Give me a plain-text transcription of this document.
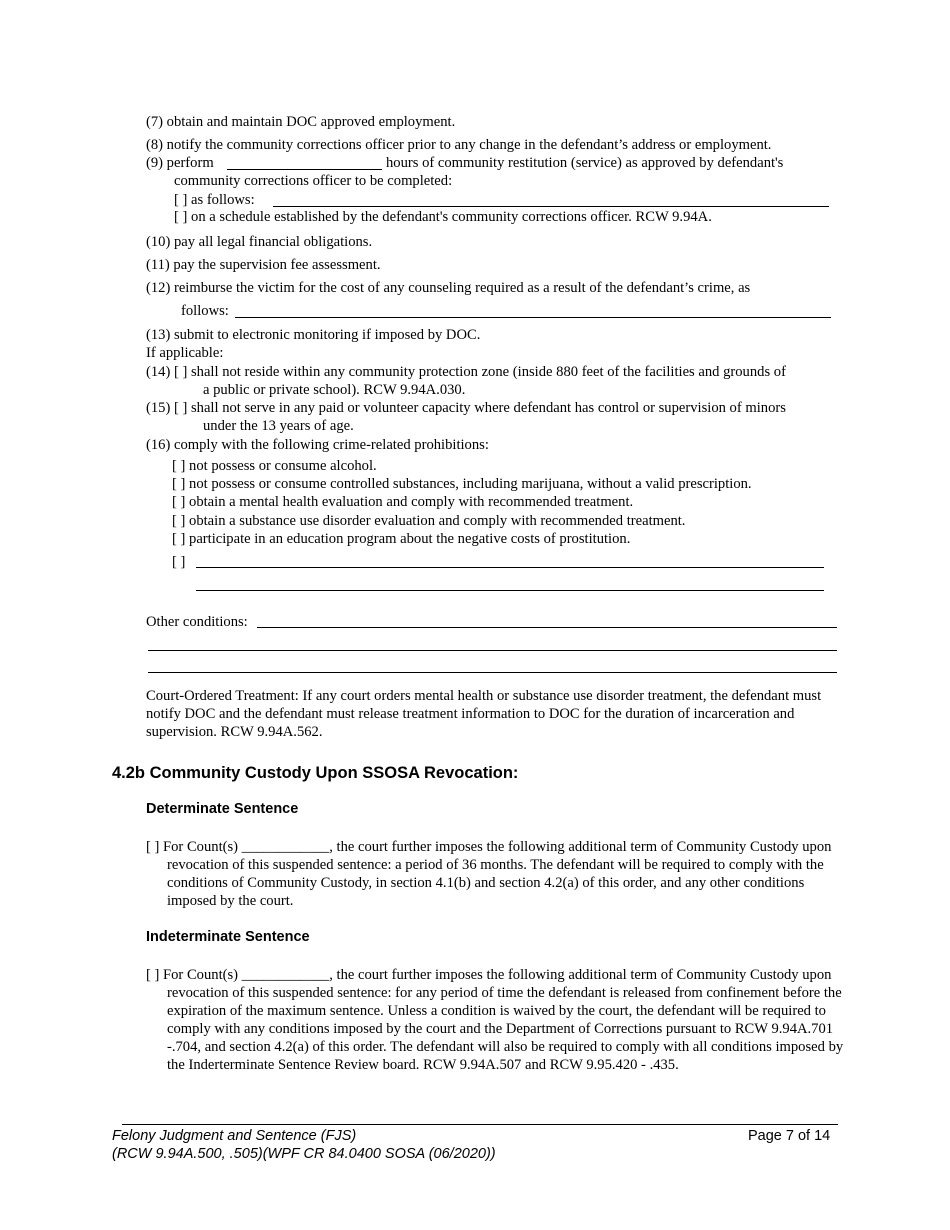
(7) obtain and maintain DOC approved employment.
(8) notify the community corrections officer prior to any change in the defendant’s address or employment.
(9) perform	hours of community restitution (service) as approved by defendant's
community corrections officer to be completed:
[ ] as follows:
[ ] on a schedule established by the defendant's community corrections officer. RCW 9.94A.
(10) pay all legal financial obligations.
(11) pay the supervision fee assessment.
(12) reimburse the victim for the cost of any counseling required as a result of the defendant’s crime, as
follows:
(13) submit to electronic monitoring if imposed by DOC.
If applicable:
(14) [ ] shall not reside within any community protection zone (inside 880 feet of the facilities and grounds of
a public or private school). RCW 9.94A.030.
(15) [ ] shall not serve in any paid or volunteer capacity where defendant has control or supervision of minors
under the 13 years of age.
(16) comply with the following crime-related prohibitions:
[ ] not possess or consume alcohol.
[ ] not possess or consume controlled substances, including marijuana, without a valid prescription.
[ ] obtain a mental health evaluation and comply with recommended treatment.
[ ] obtain a substance use disorder evaluation and comply with recommended treatment.
[ ] participate in an education program about the negative costs of prostitution.
[ ]
Other conditions:
Court-Ordered Treatment: If any court orders mental health or substance use disorder treatment, the defendant must notify DOC and the defendant must release treatment information to DOC for the duration of incarceration and supervision. RCW 9.94A.562.
4.2b Community Custody Upon SSOSA Revocation:
Determinate Sentence
[ ] For Count(s) ____________, the court further imposes the following additional term of Community Custody upon revocation of this suspended sentence: a period of 36 months. The defendant will be required to comply with the conditions of Community Custody, in section 4.1(b) and section 4.2(a) of this order, and any other conditions imposed by the court.
Indeterminate Sentence
[ ] For Count(s) ____________, the court further imposes the following additional term of Community Custody upon revocation of this suspended sentence: for any period of time the defendant is released from confinement before the expiration of the maximum sentence. Unless a condition is waived by the court, the defendant will be required to comply with any conditions imposed by the court and the Department of Corrections pursuant to RCW 9.94A.701 -.704, and section 4.2(a) of this order. The defendant will also be required to comply with all conditions imposed by the Inderterminate Sentence Review board. RCW 9.94A.507 and RCW 9.95.420 - .435.
Felony Judgment and Sentence (FJS)
(RCW 9.94A.500, .505)(WPF CR 84.0400 SOSA (06/2020))
Page 7 of 14
